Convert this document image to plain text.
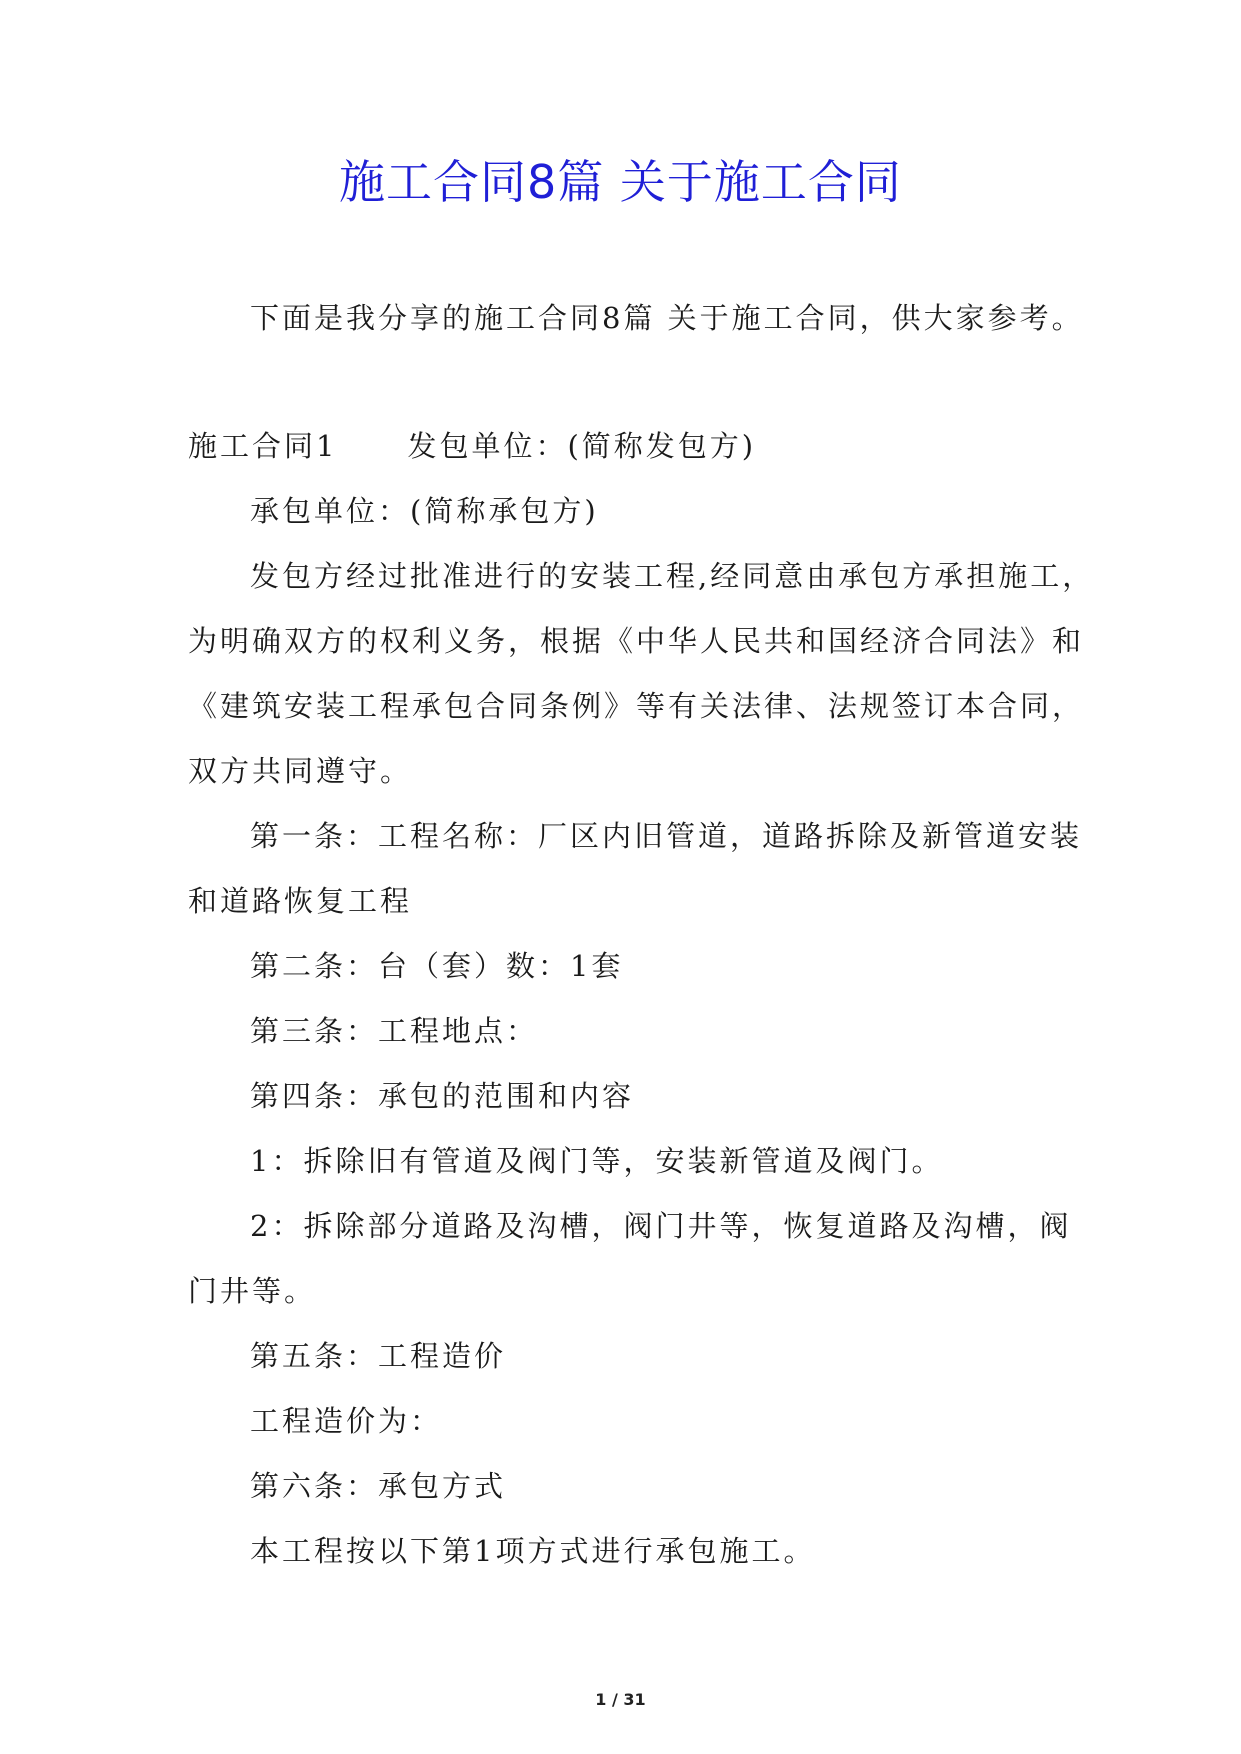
施工合同8篇 关于施工合同

下面是我分享的施工合同8篇 关于施工合同，供大家参考。

施工合同1 发包单位：(简称发包方)

承包单位：(简称承包方)

发包方经过批准进行的安装工程,经同意由承包方承担施工，

为明确双方的权利义务，根据《中华人民共和国经济合同法》和

《建筑安装工程承包合同条例》等有关法律、法规签订本合同，

双方共同遵守。

第一条：工程名称：厂区内旧管道，道路拆除及新管道安装

和道路恢复工程

第二条：台（套）数：1套

第三条：工程地点：

第四条：承包的范围和内容

1：拆除旧有管道及阀门等，安装新管道及阀门。

2：拆除部分道路及沟槽，阀门井等，恢复道路及沟槽，阀

门井等。

第五条：工程造价

工程造价为：

第六条：承包方式

本工程按以下第1项方式进行承包施工。

1 / 31
